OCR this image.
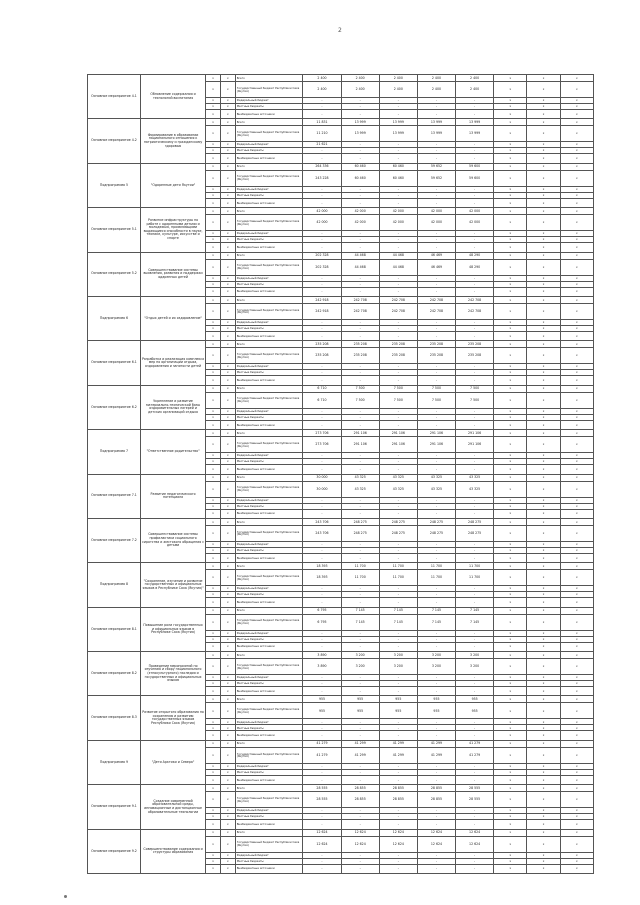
2
Основное мероприятие 4.1	Обновление содержания и технологий воспитания	х	х	Всего	2 400	2 400	2 400	2 400	2 400	х	х	х
		х	х	Государственный бюджет Республики Саха (Якутия)	2 400	2 400	2 400	2 400	2 400	х	х	х
		х	х	Федеральный бюджет	-	-	-	-	-	х	х	х
		х	х	Местные бюджеты	-	-	-	-	-	х	х	х
		х	х	Внебюджетные источники	-	-	-	-	-	х	х	х
Основное мероприятие 4.2	Формирование в образовании национального отношения к патриотическому и гражданскому здоровью	х	х	Всего	11 831	13 999	13 999	13 999	13 999	х	х	х
		х	х	Государственный бюджет Республики Саха (Якутия)	11 210	13 999	13 999	13 999	13 999	х	х	х
		х	х	Федеральный бюджет	21 621	-	-	-	-	х	х	х
		х	х	Местные бюджеты	-	-	-	-	-	х	х	х
		х	х	Внебюджетные источники	-	-	-	-	-	х	х	х
Подпрограмма 5	"Одаренные дети Якутии"	х	х	Всего	264 336	60 460	60 460	59 652	59 600	х	х	х
		х	х	Государственный бюджет Республики Саха (Якутия)	243 228	60 460	60 460	59 652	59 600	х	х	х
		х	х	Федеральный бюджет	-	-	-	-	-	х	х	х
		х	х	Местные бюджеты	-	-	-	-	-	х	х	х
		х	х	Внебюджетные источники	-	-	-	-	-	х	х	х
Основное мероприятие 5.1	Развитие инфраструктуры по работе с одаренными детьми и молодежью, проявляющими выдающиеся способности в науке, технике, культуре, искусстве и спорте	х	х	Всего	42 000	42 000	42 000	42 000	42 000	х	х	х
		х	х	Государственный бюджет Республики Саха (Якутия)	42 000	42 000	42 000	42 000	42 000	х	х	х
		х	х	Федеральный бюджет	-	-	-	-	-	х	х	х
		х	х	Местные бюджеты	-	-	-	-	-	х	х	х
		х	х	Внебюджетные источники	-	-	-	-	-	х	х	х
Основное мероприятие 5.2	Совершенствование системы выявления, развития и поддержки одаренных детей	х	х	Всего	202 328	44 468	44 468	46 469	48 290	х	х	х
		х	х	Государственный бюджет Республики Саха (Якутия)	202 328	44 468	44 468	46 469	48 290	х	х	х
		х	х	Федеральный бюджет	-	-	-	-	-	х	х	х
		х	х	Местные бюджеты	-	-	-	-	-	х	х	х
		х	х	Внебюджетные источники	-	-	-	-	-	х	х	х
Подпрограмма 6	"Отдых детей и их оздоровление"	х	х	Всего	242 918	242 708	242 708	242 708	242 708	х	х	х
		х	х	Государственный бюджет Республики Саха (Якутия)	242 918	242 708	242 708	242 708	242 708	х	х	х
		х	х	Федеральный бюджет	-	-	-	-	-	х	х	х
		х	х	Местные бюджеты	-	-	-	-	-	х	х	х
		х	х	Внебюджетные источники	-	-	-	-	-	х	х	х
Основное мероприятие 6.1	Разработка и реализация комплекса мер по организации отдыха, оздоровления и занятости детей	х	х	Всего	235 208	235 208	235 208	235 208	235 208	х	х	х
		х	х	Государственный бюджет Республики Саха (Якутия)	235 208	235 208	235 208	235 208	235 208	х	х	х
		х	х	Федеральный бюджет	-	-	-	-	-	х	х	х
		х	х	Местные бюджеты	-	-	-	-	-	х	х	х
		х	х	Внебюджетные источники	-	-	-	-	-	х	х	х
Основное мероприятие 6.2	Укрепление и развитие материально-технической базы оздоровительных лагерей и детских организаций отдыха	х	х	Всего	6 710	7 500	7 500	7 500	7 500	х	х	х
		х	х	Государственный бюджет Республики Саха (Якутия)	6 710	7 500	7 500	7 500	7 500	х	х	х
		х	х	Федеральный бюджет	-	-	-	-	-	х	х	х
		х	х	Местные бюджеты	-	-	-	-	-	х	х	х
		х	х	Внебюджетные источники	-	-	-	-	-	х	х	х
Подпрограмма 7	"Ответственное родительство"	х	х	Всего	273 706	291 106	291 106	291 106	291 106	х	х	х
		х	х	Государственный бюджет Республики Саха (Якутия)	273 706	291 106	291 106	291 106	291 106	х	х	х
		х	х	Федеральный бюджет	-	-	-	-	-	х	х	х
		х	х	Местные бюджеты	-	-	-	-	-	х	х	х
		х	х	Внебюджетные источники	-	-	-	-	-	х	х	х
Основное мероприятие 7.1	Развитие педагогического потенциала	х	х	Всего	30 000	43 325	43 325	43 325	43 325	х	х	х
		х	х	Государственный бюджет Республики Саха (Якутия)	30 000	43 325	43 325	43 325	43 325	х	х	х
		х	х	Федеральный бюджет	-	-	-	-	-	х	х	х
		х	х	Местные бюджеты	-	-	-	-	-	х	х	х
		х	х	Внебюджетные источники	-	-	-	-	-	х	х	х
Основное мероприятие 7.2	Совершенствование системы профилактики социального сиротства и жестокого обращения с детьми	х	х	Всего	243 706	248 275	248 275	248 275	248 275	х	х	х
		х	х	Государственный бюджет Республики Саха (Якутия)	243 706	248 275	248 275	248 275	248 275	х	х	х
		х	х	Федеральный бюджет	-	-	-	-	-	х	х	х
		х	х	Местные бюджеты	-	-	-	-	-	х	х	х
		х	х	Внебюджетные источники	-	-	-	-	-	х	х	х
Подпрограмма 8	"Сохранение, изучение и развитие государственных и официальных языков в Республике Саха (Якутия)"	х	х	Всего	18 393	11 700	11 700	11 700	11 700	х	х	х
		х	х	Государственный бюджет Республики Саха (Якутия)	18 393	11 700	11 700	11 700	11 700	х	х	х
		х	х	Федеральный бюджет	-	-	-	-	-	х	х	х
		х	х	Местные бюджеты	-	-	-	-	-	х	х	х
		х	х	Внебюджетные источники	-	-	-	-	-	х	х	х
Основное мероприятие 8.1	Повышение роли государственных и официальных языков в Республике Саха (Якутия)	х	х	Всего	6 795	7 145	7 145	7 145	7 145	х	х	х
		х	х	Государственный бюджет Республики Саха (Якутия)	6 795	7 145	7 145	7 145	7 145	х	х	х
		х	х	Федеральный бюджет	-	-	-	-	-	х	х	х
		х	х	Местные бюджеты	-	-	-	-	-	х	х	х
		х	х	Внебюджетные источники	-	-	-	-	-	х	х	х
Основное мероприятие 8.2	Проведение мероприятий по изучению и сбору национального (этнокультурного) наследия и государственных и официальных языков	х	х	Всего	3 890	3 200	3 200	3 200	3 200	х	х	х
		х	х	Государственный бюджет Республики Саха (Якутия)	3 890	3 200	3 200	3 200	3 200	х	х	х
		х	х	Федеральный бюджет	-	-	-	-	-	х	х	х
		х	х	Местные бюджеты	-	-	-	-	-	х	х	х
		х	х	Внебюджетные источники	-	-	-	-	-	х	х	х
Основное мероприятие 8.3	Развитие открытого образования по сохранению и развитию государственных языков Республики Саха (Якутия)	х	х	Всего	955	955	955	955	955	х	х	х
		х	х	Государственный бюджет Республики Саха (Якутия)	955	955	955	955	955	х	х	х
		х	х	Федеральный бюджет	-	-	-	-	-	х	х	х
		х	х	Местные бюджеты	-	-	-	-	-	х	х	х
		х	х	Внебюджетные источники	-	-	-	-	-	х	х	х
Подпрограмма 9	"Дети Арктики и Севера"	х	х	Всего	41 279	41 299	41 299	41 299	41 279	х	х	х
		х	х	Государственный бюджет Республики Саха (Якутия)	41 279	41 299	41 299	41 299	41 279	х	х	х
		х	х	Федеральный бюджет	-	-	-	-	-	х	х	х
		х	х	Местные бюджеты	-	-	-	-	-	х	х	х
		х	х	Внебюджетные источники	-	-	-	-	-	х	х	х
Основное мероприятие 9.1	Создание современной образовательной среды, инновационные и дистанционные образовательные технологии	х	х	Всего	28 555	28 855	28 855	28 855	28 555	х	х	х
		х	х	Государственный бюджет Республики Саха (Якутия)	28 555	28 855	28 855	28 855	28 555	х	х	х
		х	х	Федеральный бюджет	-	-	-	-	-	х	х	х
		х	х	Местные бюджеты	-	-	-	-	-	х	х	х
		х	х	Внебюджетные источники	-	-	-	-	-	х	х	х
Основное мероприятие 9.2	Совершенствование содержания и структуры образования	х	х	Всего	12 624	12 624	12 624	12 624	12 624	х	х	х
		х	х	Государственный бюджет Республики Саха (Якутия)	12 624	12 624	12 624	12 624	12 624	х	х	х
		х	х	Федеральный бюджет	-	-	-	-	-	х	х	х
		х	х	Местные бюджеты	-	-	-	-	-	х	х	х
		х	х	Внебюджетные источники	-	-	-	-	-	х	х	х
